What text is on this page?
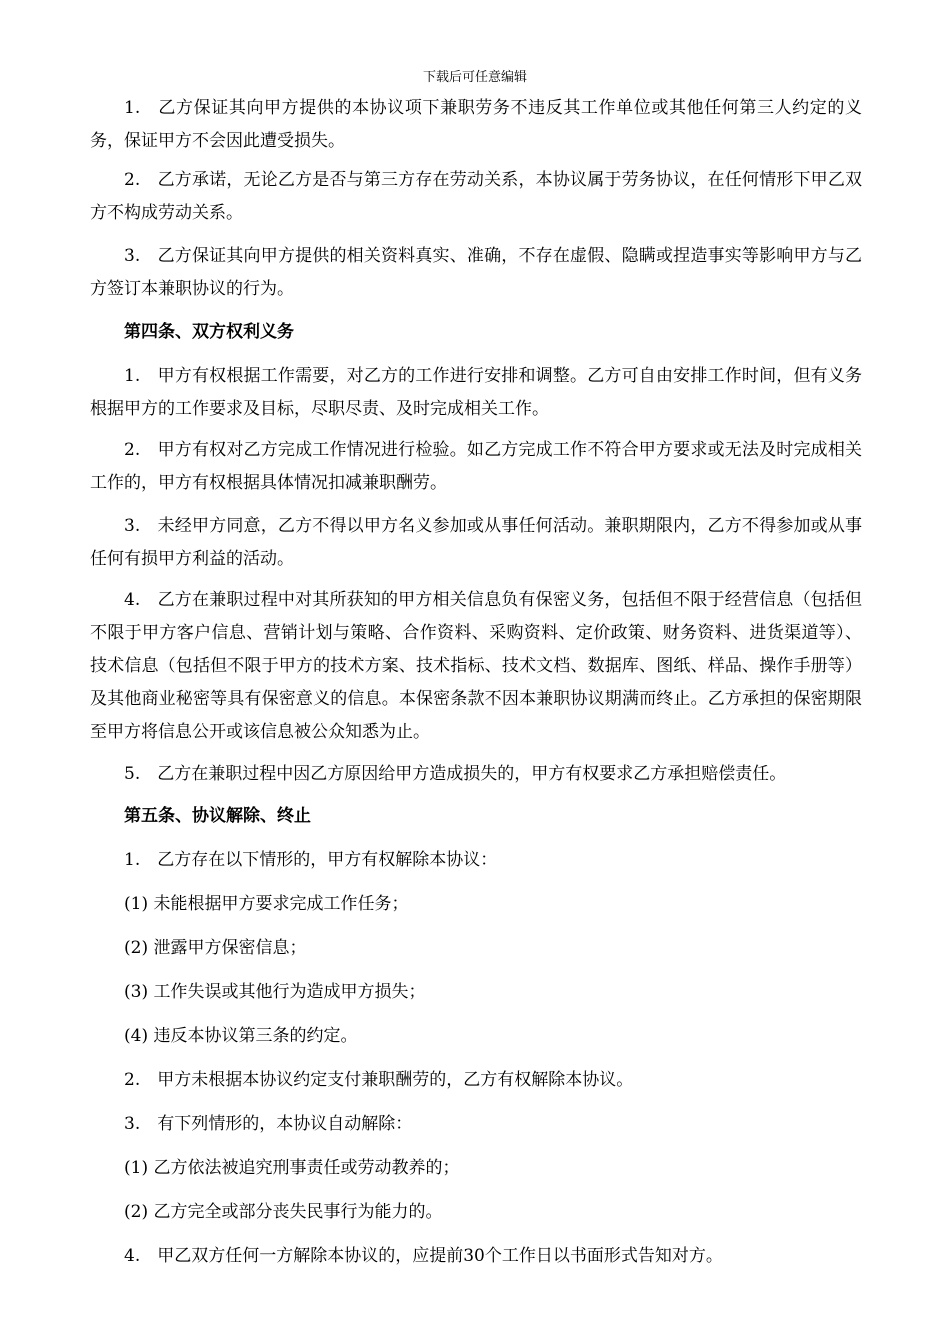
下载后可任意编辑

1.　乙方保证其向甲方提供的本协议项下兼职劳务不违反其工作单位或其他任何第三人约定的义务，保证甲方不会因此遭受损失。

2.　乙方承诺，无论乙方是否与第三方存在劳动关系，本协议属于劳务协议，在任何情形下甲乙双方不构成劳动关系。

3.　乙方保证其向甲方提供的相关资料真实、准确，不存在虚假、隐瞒或捏造事实等影响甲方与乙方签订本兼职协议的行为。

第四条、双方权利义务

1.　甲方有权根据工作需要，对乙方的工作进行安排和调整。乙方可自由安排工作时间，但有义务根据甲方的工作要求及目标，尽职尽责、及时完成相关工作。

2.　甲方有权对乙方完成工作情况进行检验。如乙方完成工作不符合甲方要求或无法及时完成相关工作的，甲方有权根据具体情况扣减兼职酬劳。

3.　未经甲方同意，乙方不得以甲方名义参加或从事任何活动。兼职期限内，乙方不得参加或从事任何有损甲方利益的活动。

4.　乙方在兼职过程中对其所获知的甲方相关信息负有保密义务，包括但不限于经营信息（包括但不限于甲方客户信息、营销计划与策略、合作资料、采购资料、定价政策、财务资料、进货渠道等）、技术信息（包括但不限于甲方的技术方案、技术指标、技术文档、数据库、图纸、样品、操作手册等）及其他商业秘密等具有保密意义的信息。本保密条款不因本兼职协议期满而终止。乙方承担的保密期限至甲方将信息公开或该信息被公众知悉为止。

5.　乙方在兼职过程中因乙方原因给甲方造成损失的，甲方有权要求乙方承担赔偿责任。

第五条、协议解除、终止

1.　乙方存在以下情形的，甲方有权解除本协议：

(1) 未能根据甲方要求完成工作任务；

(2) 泄露甲方保密信息；

(3) 工作失误或其他行为造成甲方损失；

(4) 违反本协议第三条的约定。

2.　甲方未根据本协议约定支付兼职酬劳的，乙方有权解除本协议。

3.　有下列情形的，本协议自动解除：

(1) 乙方依法被追究刑事责任或劳动教养的；

(2) 乙方完全或部分丧失民事行为能力的。

4.　甲乙双方任何一方解除本协议的，应提前30个工作日以书面形式告知对方。
